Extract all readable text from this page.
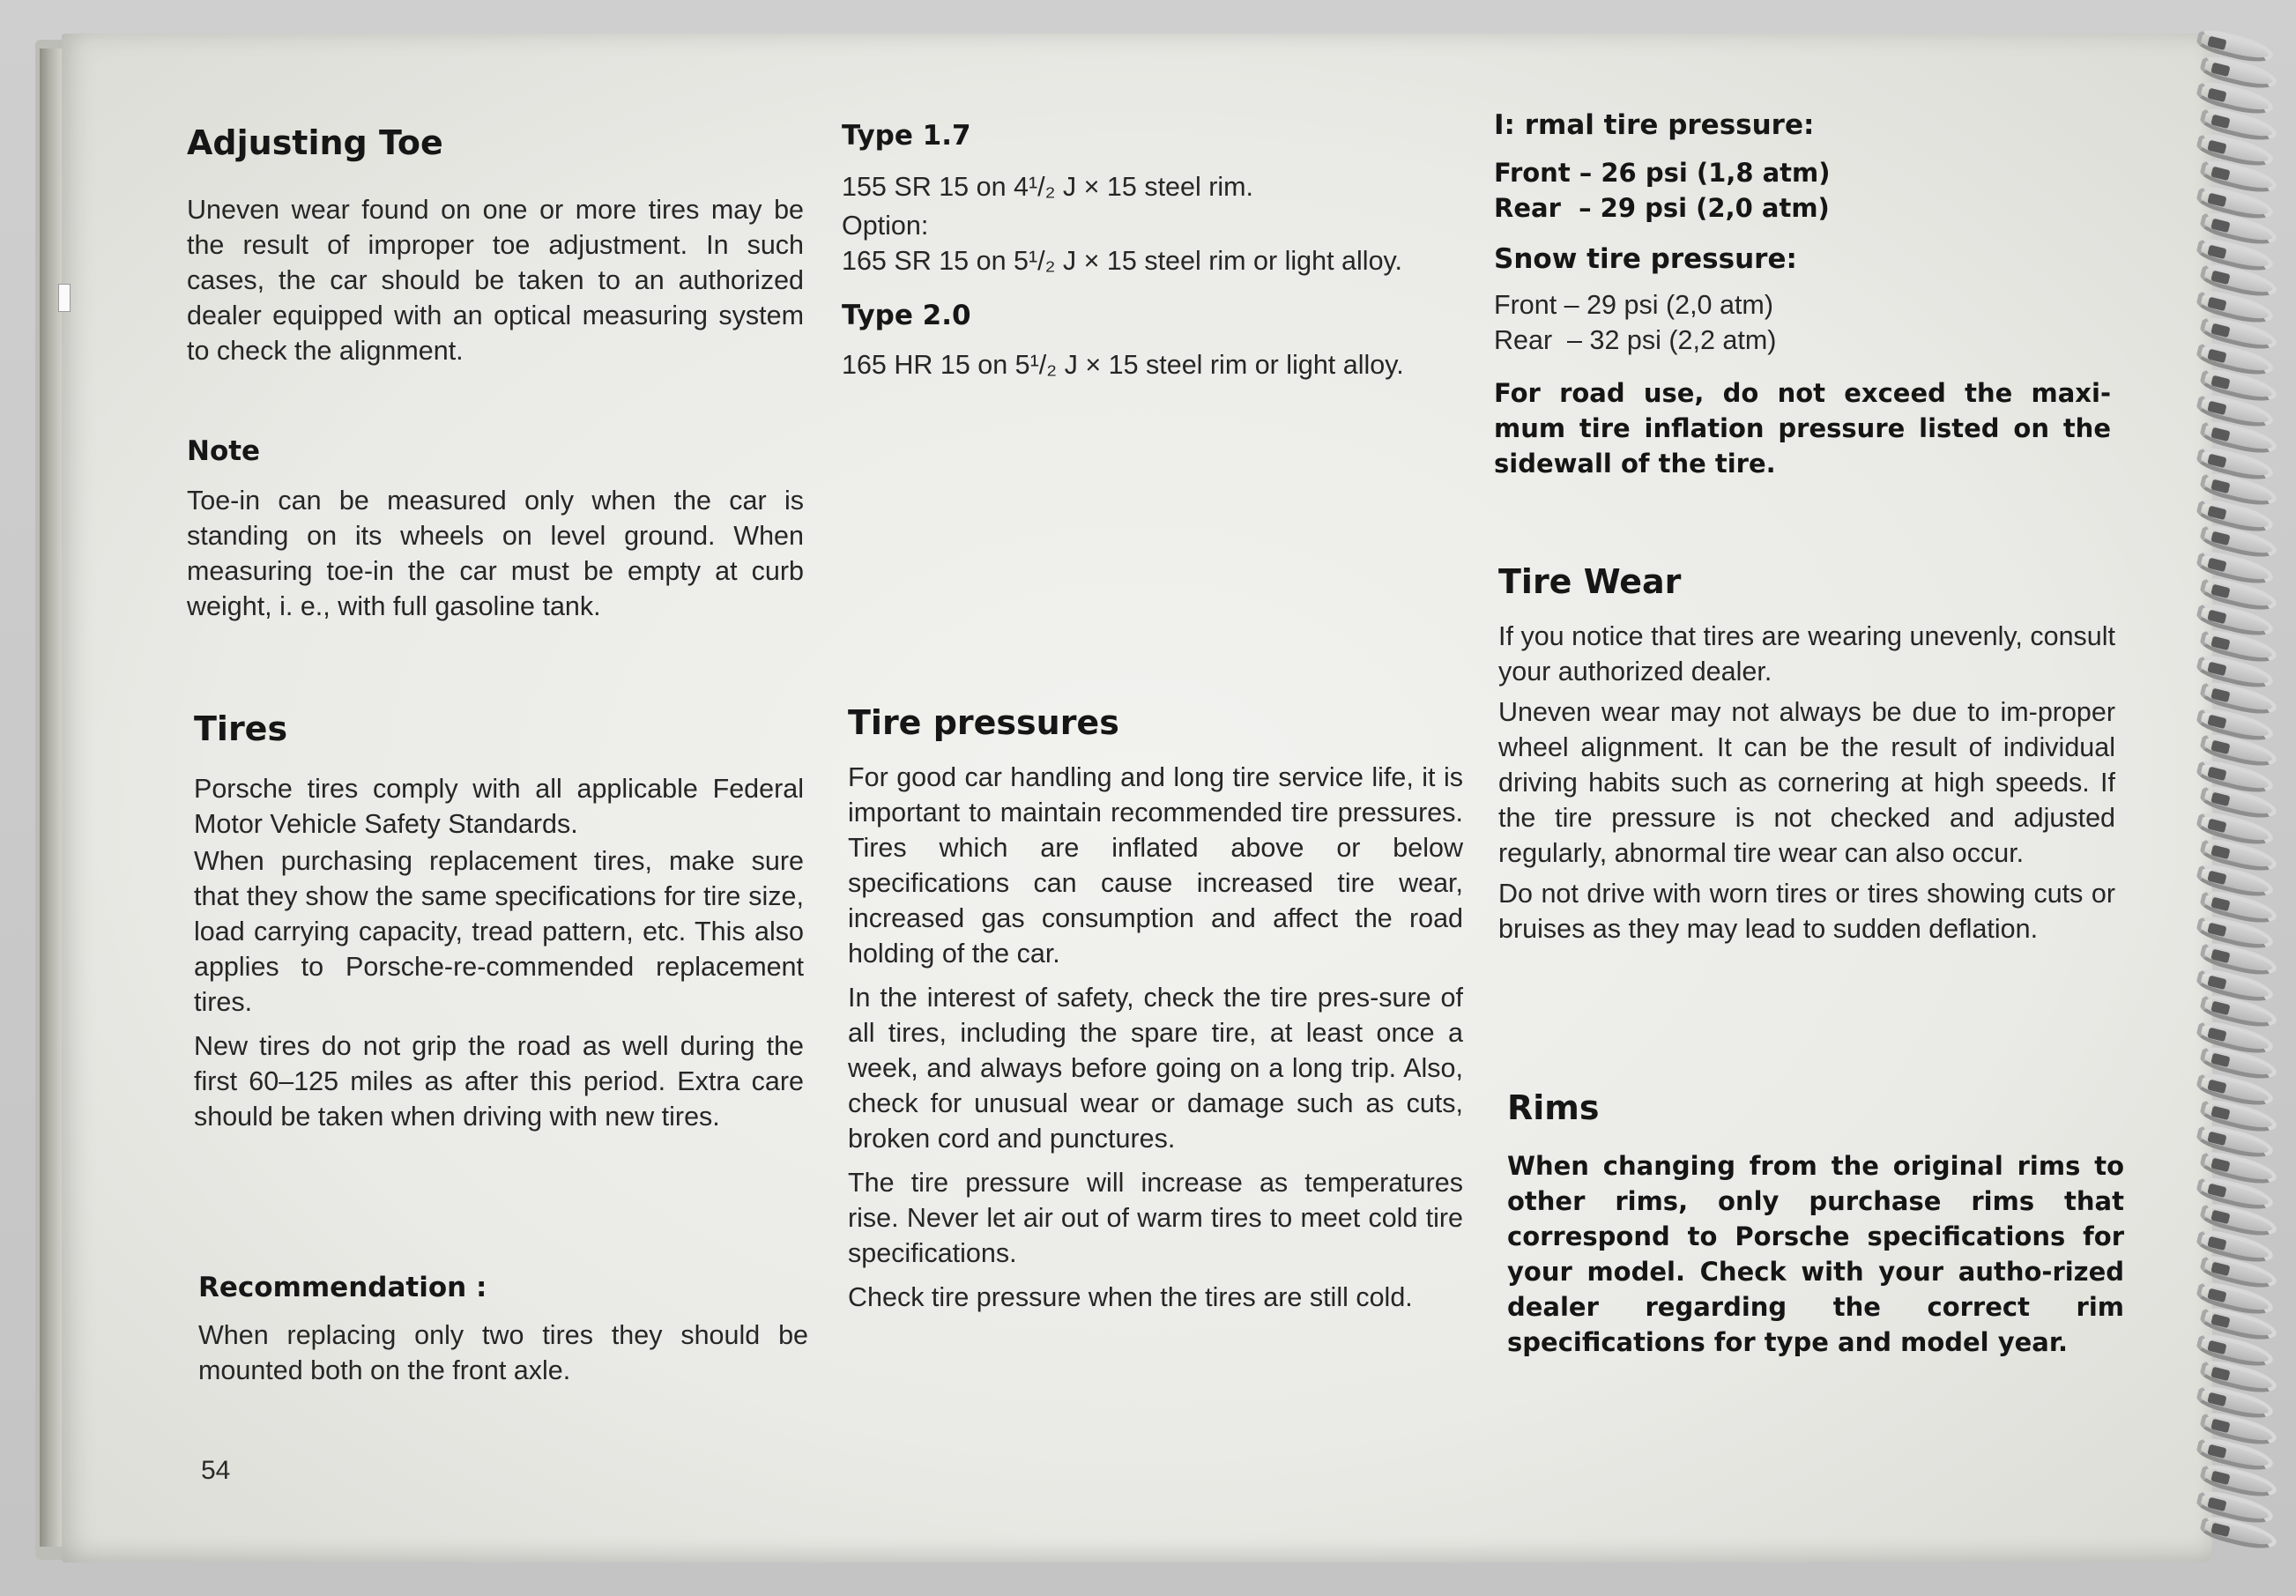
Adjusting Toe

Uneven wear found on one or more tires may be the result of improper toe adjustment. In such cases, the car should be taken to an authorized dealer equipped with an optical measuring system to check the alignment.

Note

Toe-in can be measured only when the car is standing on its wheels on level ground. When measuring toe-in the car must be empty at curb weight, i. e., with full gasoline tank.

Tires

Porsche tires comply with all applicable Federal Motor Vehicle Safety Standards.

When purchasing replacement tires, make sure that they show the same specifications for tire size, load carrying capacity, tread pattern, etc. This also applies to Porsche-re-commended replacement tires.

New tires do not grip the road as well during the first 60–125 miles as after this period. Extra care should be taken when driving with new tires.

Recommendation :

When replacing only two tires they should be mounted both on the front axle.

54
Type 1.7

155 SR 15 on 4¹/₂ J × 15 steel rim.

Option:

165 SR 15 on 5¹/₂ J × 15 steel rim or light alloy.

Type 2.0

165 HR 15 on 5¹/₂ J × 15 steel rim or light alloy.

Tire pressures

For good car handling and long tire service life, it is important to maintain recommended tire pressures. Tires which are inflated above or below specifications can cause increased tire wear, increased gas consumption and affect the road holding of the car.

In the interest of safety, check the tire pres-sure of all tires, including the spare tire, at least once a week, and always before going on a long trip. Also, check for unusual wear or damage such as cuts, broken cord and punctures.

The tire pressure will increase as temperatures rise. Never let air out of warm tires to meet cold tire specifications.

Check tire pressure when the tires are still cold.

I: rmal tire pressure:

Front – 26 psi (1,8 atm)

Rear  – 29 psi (2,0 atm)

Snow tire pressure:

Front – 29 psi (2,0 atm)

Rear  – 32 psi (2,2 atm)

For road use, do not exceed the maxi-mum tire inflation pressure listed on the sidewall of the tire.

Tire Wear

If you notice that tires are wearing unevenly, consult your authorized dealer.

Uneven wear may not always be due to im-proper wheel alignment. It can be the result of individual driving habits such as cornering at high speeds. If the tire pressure is not checked and adjusted regularly, abnormal tire wear can also occur.

Do not drive with worn tires or tires showing cuts or bruises as they may lead to sudden deflation.

Rims

When changing from the original rims to other rims, only purchase rims that correspond to Porsche specifications for your model. Check with your autho-rized dealer regarding the correct rim specifications for type and model year.
